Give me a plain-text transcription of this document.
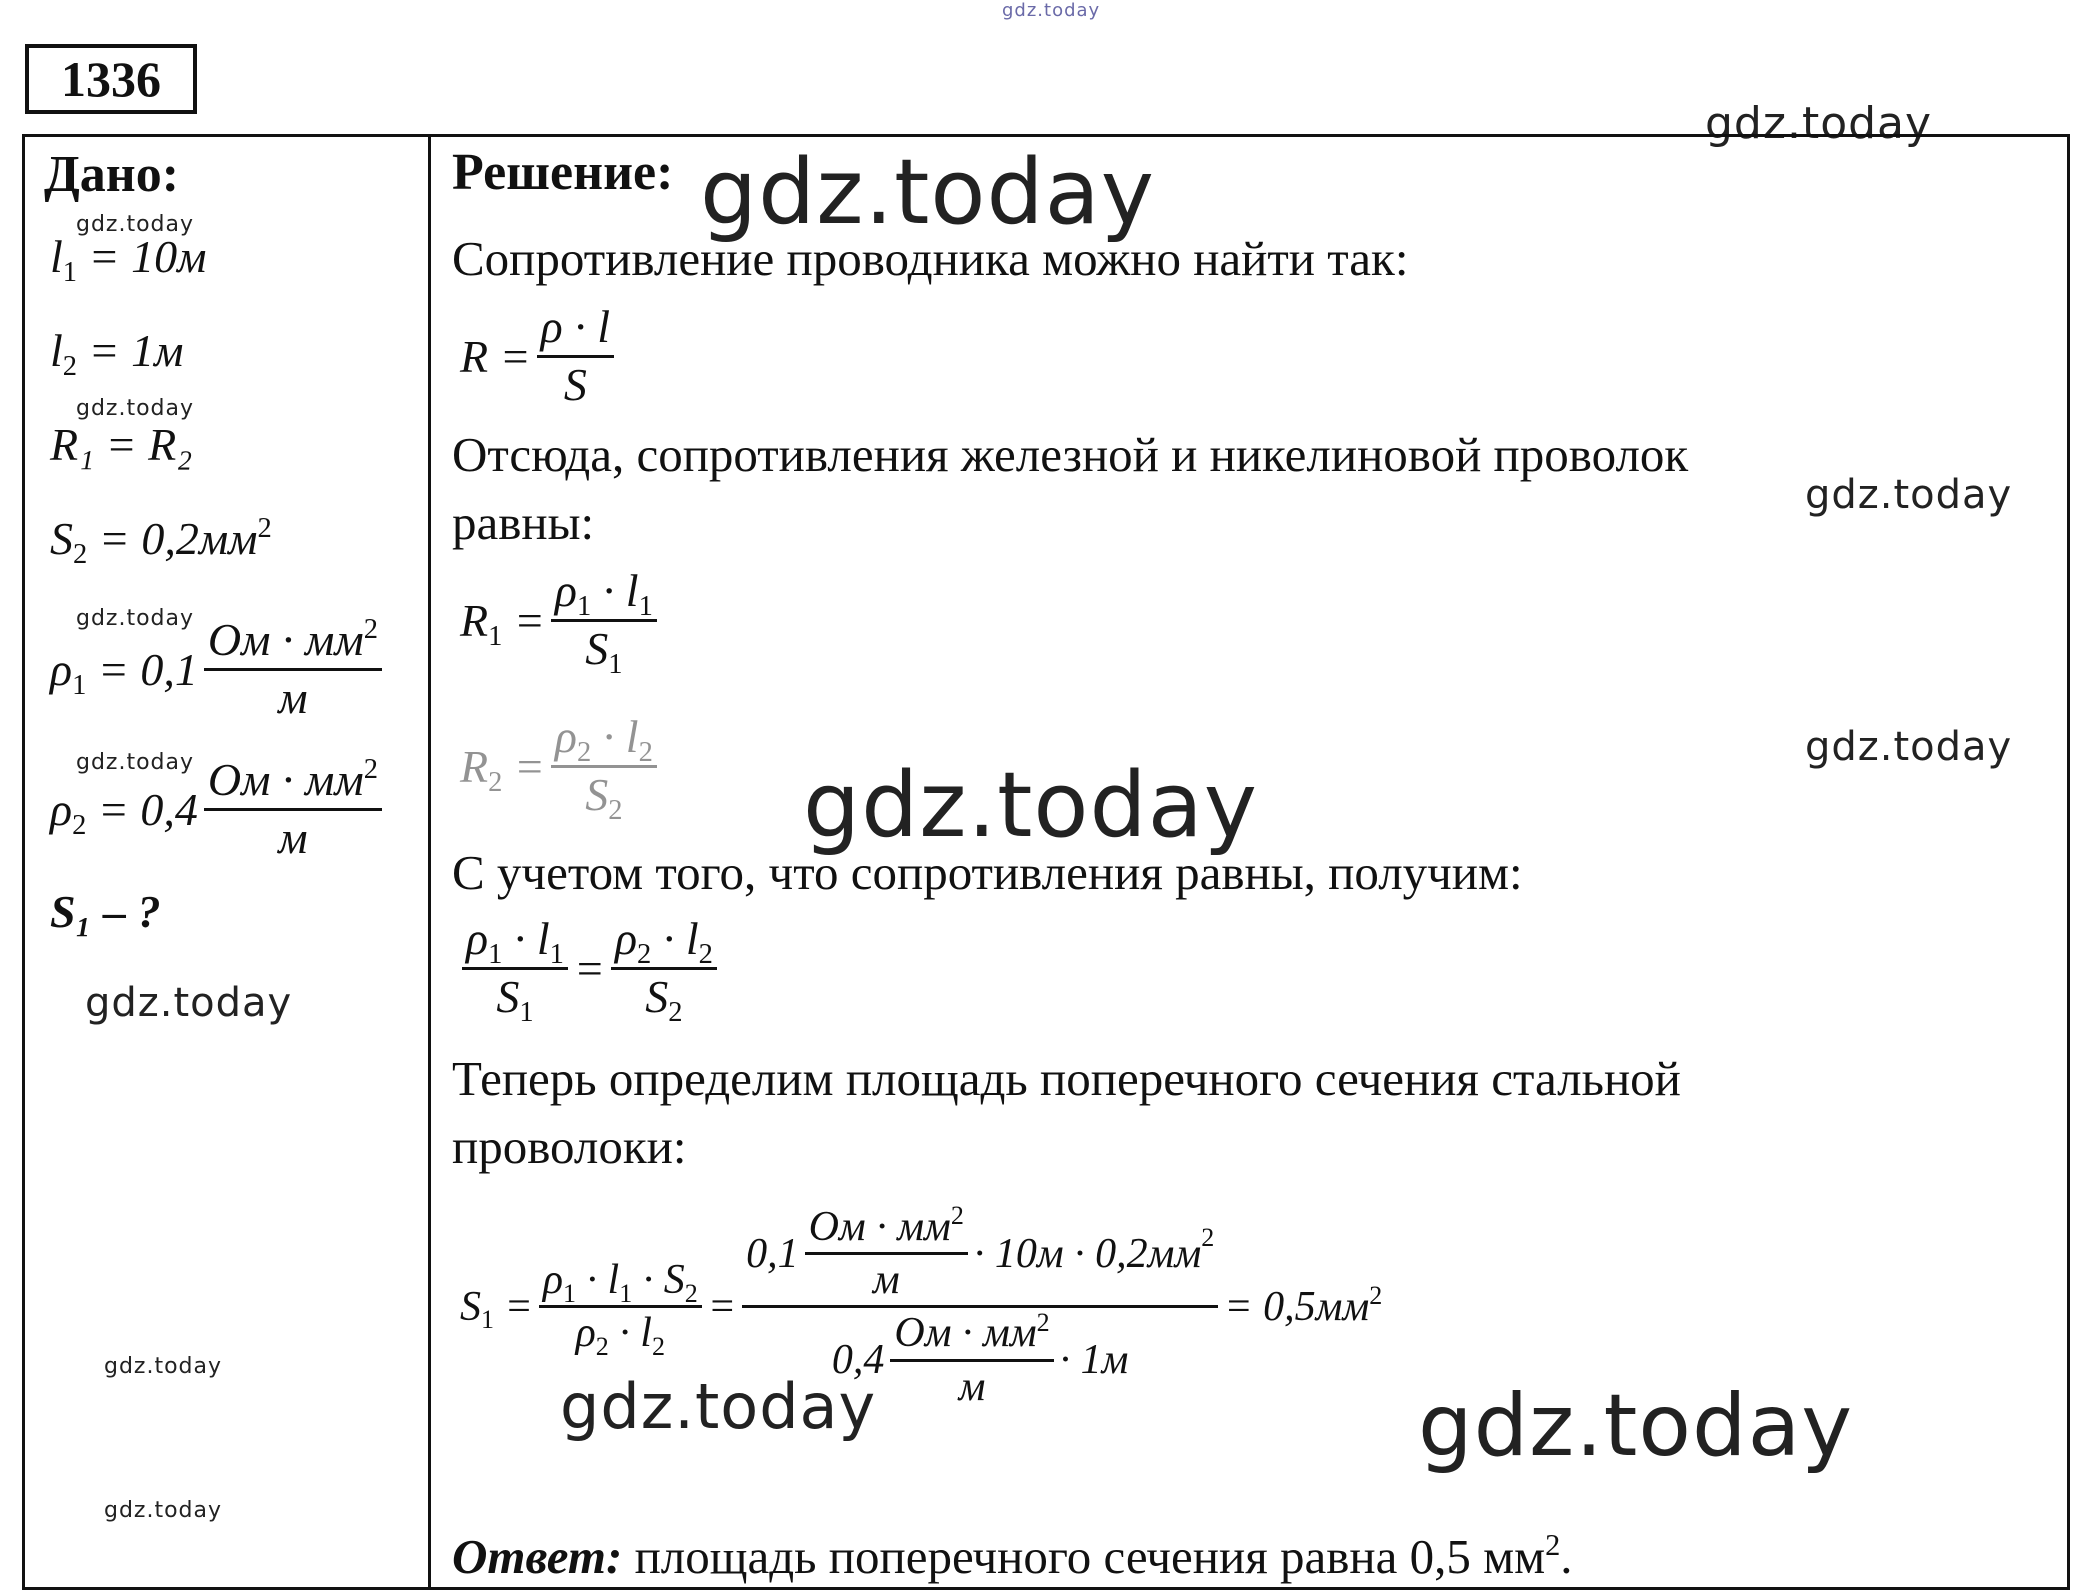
gdz.today
gdz.today
gdz.today
gdz.today
gdz.today
gdz.today
gdz.today
gdz.today
gdz.today	gdz.today
gdz.today
gdz.today
gdz.today	gdz.today
gdz.today
1336
Дано:
l1 = 10м
l2 = 1м
R₁ = R₂
$S2 = 0,2мм^2$
$\rho 1 = 0,1 \frac{Ом \cdot мм^2}{м}$
$\rho 2 = 0,4 \frac{Ом \cdot мм^2}{м}$
S₁ – ?
Решение:
Сопротивление проводника можно найти так:
$R = \frac{\rho \cdot l}{S}$
Отсюда, сопротивления железной и никелиновой проволок
равны:
$R1 = \frac{\rho 1 \cdot l1}{S1}$
$R2 = \frac{\rho 2 \cdot l2}{S2}$
С учетом того, что сопротивления равны, получим:
$\frac{\rho 1 \cdot l1}{S1} = \frac{\rho 2 \cdot l2}{S2}$
Теперь определим площадь поперечного сечения стальной
проволоки:
$S1 = \frac{\rho 1 \cdot l1 \cdot S2}{\rho 2 \cdot l2} = \frac{0,1 \frac{Ом \cdot мм^2}{м} \cdot 10м \cdot 0,2мм 2}{0,4 \frac{Ом \cdot мм^2}{м} \cdot 1м} = 0,5мм^2$
Ответ: площадь поперечного сечения равна 0,5 $мм^2$.
